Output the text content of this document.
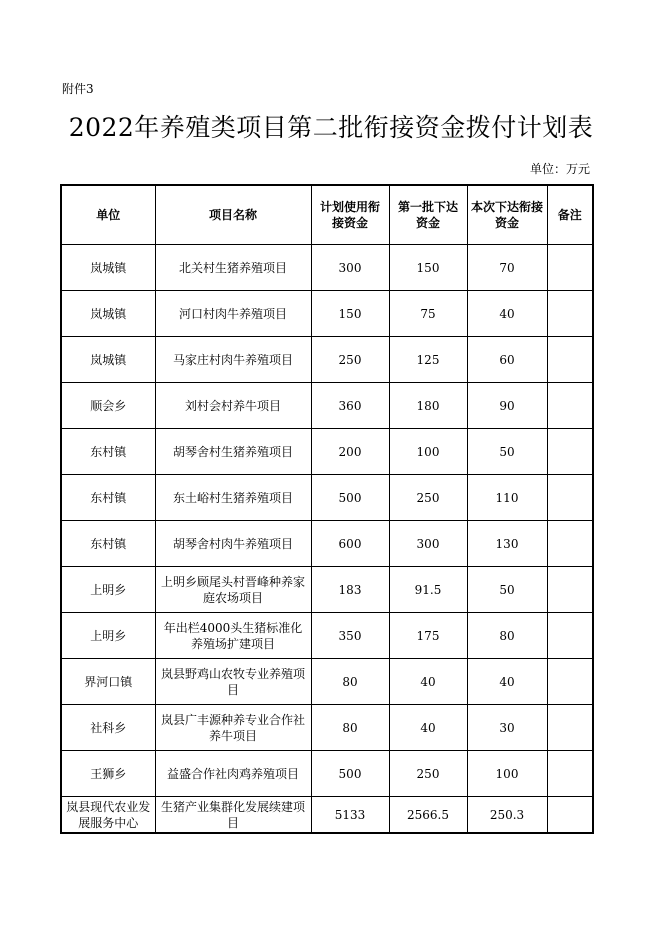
附件3
2022年养殖类项目第二批衔接资金拨付计划表
单位：万元
单位	项目名称	计划使用衔接资金	第一批下达资金	本次下达衔接资金	备注
岚城镇	北关村生猪养殖项目	300	150	70	
岚城镇	河口村肉牛养殖项目	150	75	40	
岚城镇	马家庄村肉牛养殖项目	250	125	60	
顺会乡	刘村会村养牛项目	360	180	90	
东村镇	胡琴舍村生猪养殖项目	200	100	50	
东村镇	东土峪村生猪养殖项目	500	250	110	
东村镇	胡琴舍村肉牛养殖项目	600	300	130	
上明乡	上明乡顾尾头村晋峰种养家庭农场项目	183	91.5	50	
上明乡	年出栏4000头生猪标准化养殖场扩建项目	350	175	80	
界河口镇	岚县野鸡山农牧专业养殖项目	80	40	40	
社科乡	岚县广丰源种养专业合作社养牛项目	80	40	30	
王狮乡	益盛合作社肉鸡养殖项目	500	250	100	
岚县现代农业发展服务中心	生猪产业集群化发展续建项目	5133	2566.5	250.3	
